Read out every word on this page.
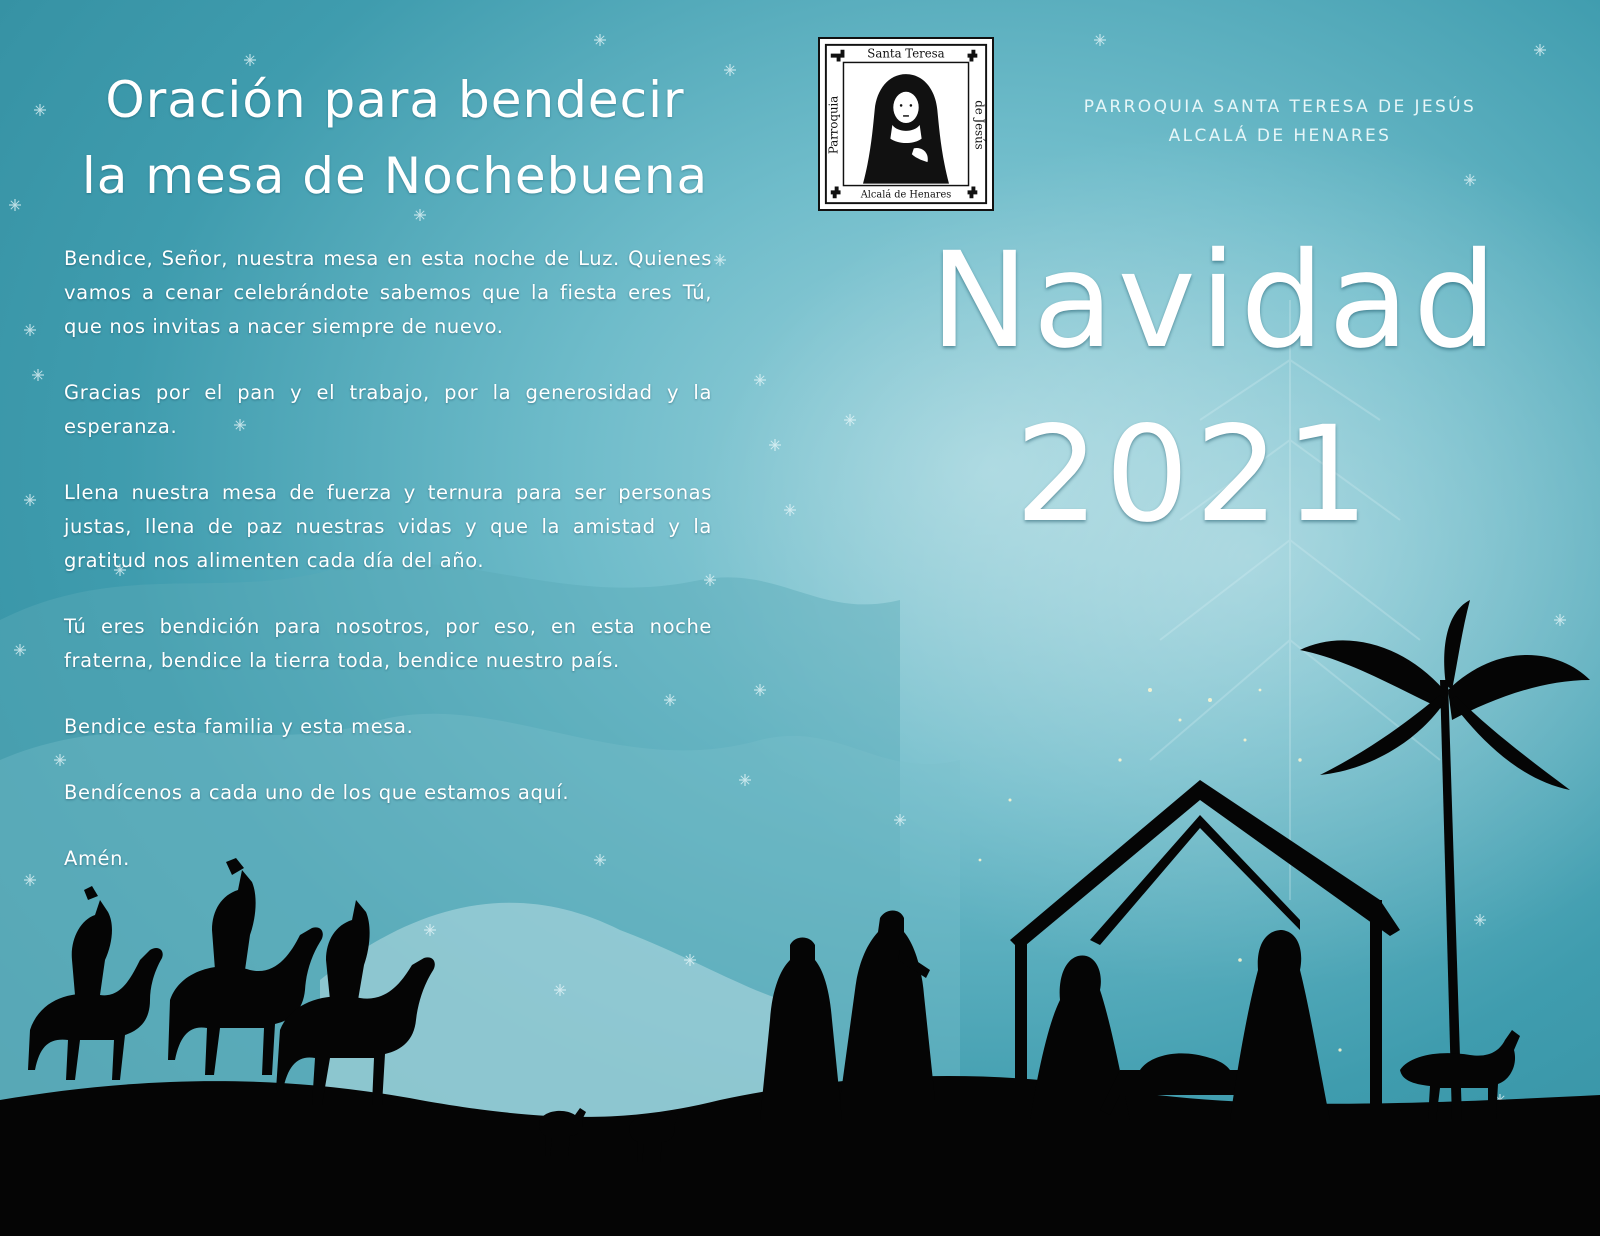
Oración para bendecir
la mesa de Nochebuena

Bendice, Señor, nuestra mesa en esta noche de Luz. Quienes vamos a cenar celebrándote sabemos que la fiesta eres Tú, que nos invitas a nacer siempre de nuevo.

Gracias por el pan y el trabajo, por la generosidad y la esperanza.

Llena nuestra mesa de fuerza y ternura para ser personas justas, llena de paz nuestras vidas y que la amistad y la gratitud nos alimenten cada día del año.

Tú eres bendición para nosotros, por eso, en esta noche fraterna, bendice la tierra toda, bendice nuestro país.

Bendice esta familia y esta mesa.

Bendícenos a cada uno de los que estamos aquí.

Amén.

Santa Teresa
Alcalá de Henares
Parroquia	de Jesús	PARROQUIA SANTA TERESA DE JESÚS
ALCALÁ DE HENARES
Navidad
2021
